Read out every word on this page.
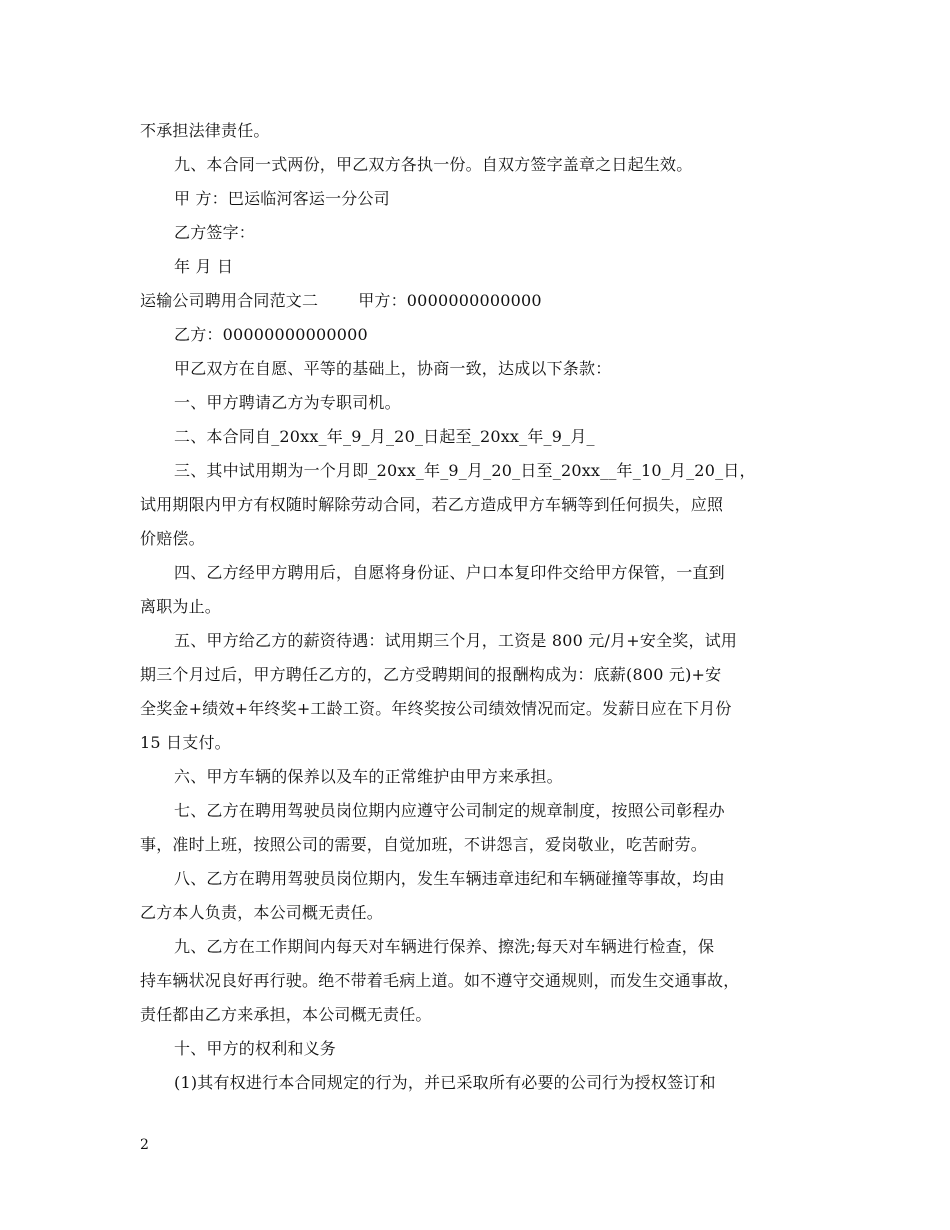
不承担法律责任。
九、本合同一式两份，甲乙双方各执一份。自双方签字盖章之日起生效。
甲 方：巴运临河客运一分公司
乙方签字：
年 月 日
运输公司聘用合同范文二	甲方：0000000000000
乙方：00000000000000
甲乙双方在自愿、平等的基础上，协商一致，达成以下条款：
一、甲方聘请乙方为专职司机。
二、本合同自_20xx_年_9_月_20_日起至_20xx_年_9_月_
三、其中试用期为一个月即_20xx_年_9_月_20_日至_20xx__年_10_月_20_日，
试用期限内甲方有权随时解除劳动合同，若乙方造成甲方车辆等到任何损失，应照
价赔偿。
四、乙方经甲方聘用后，自愿将身份证、户口本复印件交给甲方保管，一直到
离职为止。
五、甲方给乙方的薪资待遇：试用期三个月，工资是 800 元/月+安全奖，试用
期三个月过后，甲方聘任乙方的，乙方受聘期间的报酬构成为：底薪(800 元)+安
全奖金+绩效+年终奖+工龄工资。年终奖按公司绩效情况而定。发薪日应在下月份
15 日支付。
六、甲方车辆的保养以及车的正常维护由甲方来承担。
七、乙方在聘用驾驶员岗位期内应遵守公司制定的规章制度，按照公司彰程办
事，准时上班，按照公司的需要，自觉加班，不讲怨言，爱岗敬业，吃苦耐劳。
八、乙方在聘用驾驶员岗位期内，发生车辆违章违纪和车辆碰撞等事故，均由
乙方本人负责，本公司概无责任。
九、乙方在工作期间内每天对车辆进行保养、擦洗;每天对车辆进行检查，保
持车辆状况良好再行驶。绝不带着毛病上道。如不遵守交通规则，而发生交通事故，
责任都由乙方来承担，本公司概无责任。
十、甲方的权利和义务
(1)其有权进行本合同规定的行为，并已采取所有必要的公司行为授权签订和
2
